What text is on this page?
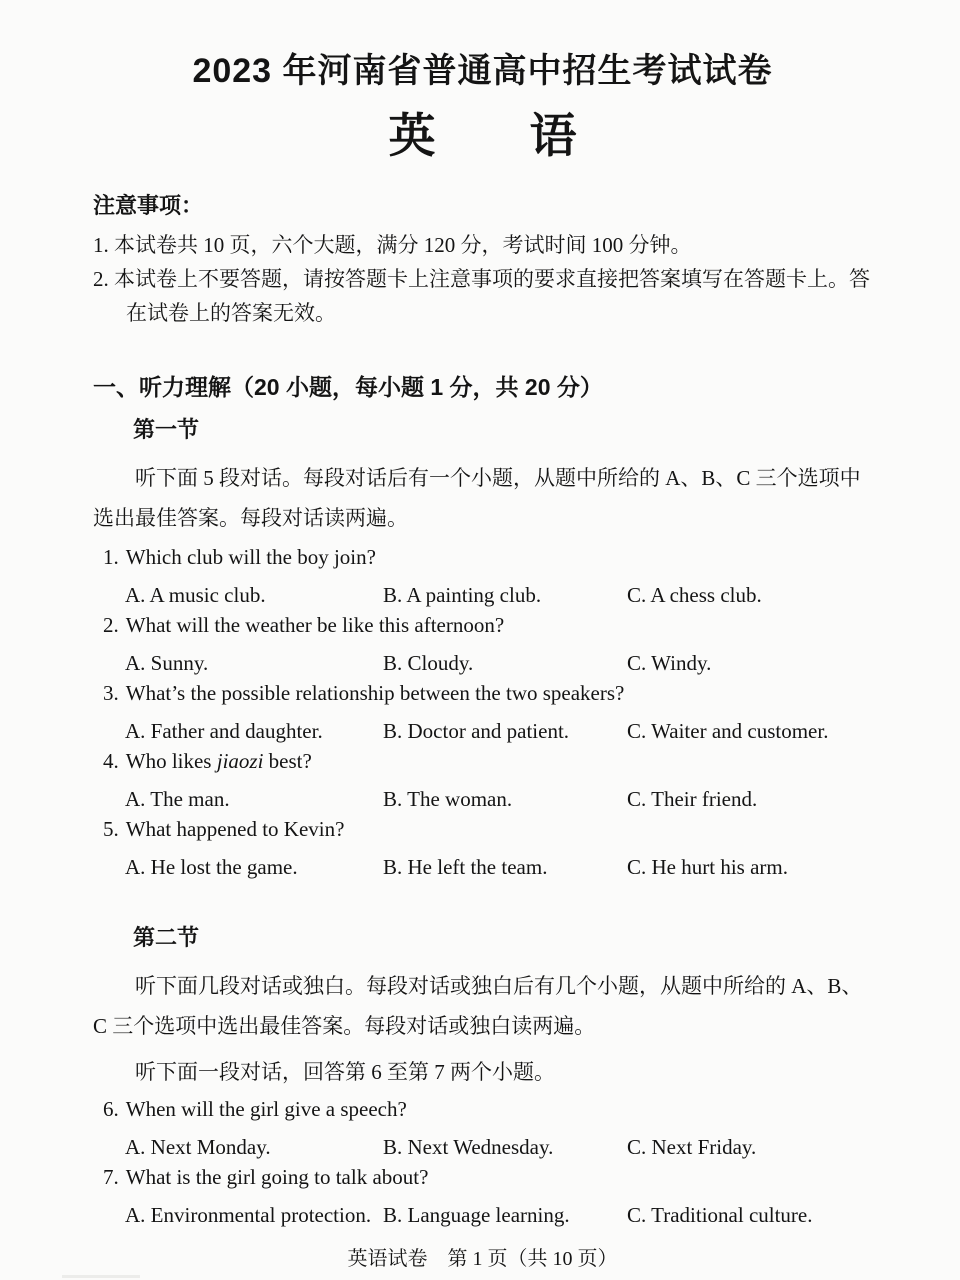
2023 年河南省普通高中招生考试试卷
英　　语
注意事项：

1. 本试卷共 10 页，六个大题，满分 120 分，考试时间 100 分钟。

2. 本试卷上不要答题，请按答题卡上注意事项的要求直接把答案填写在答题卡上。答在试卷上的答案无效。

一、听力理解（20 小题，每小题 1 分，共 20 分）
第一节

听下面 5 段对话。每段对话后有一个小题，从题中所给的 A、B、C 三个选项中选出最佳答案。每段对话读两遍。

1. Which club will the boy join?
A. A music club.	B. A painting club.	C. A chess club.
2. What will the weather be like this afternoon?
A. Sunny.	B. Cloudy.	C. Windy.
3. What’s the possible relationship between the two speakers?
A. Father and daughter.	B. Doctor and patient.	C. Waiter and customer.
4. Who likes jiaozi best?
A. The man.	B. The woman.	C. Their friend.
5. What happened to Kevin?
A. He lost the game.	B. He left the team.	C. He hurt his arm.
第二节

听下面几段对话或独白。每段对话或独白后有几个小题，从题中所给的 A、B、C 三个选项中选出最佳答案。每段对话或独白读两遍。

听下面一段对话，回答第 6 至第 7 两个小题。

6. When will the girl give a speech?
A. Next Monday.	B. Next Wednesday.	C. Next Friday.
7. What is the girl going to talk about?
A. Environmental protection. B. Language learning.	C. Traditional culture.
英语试卷　第 1 页（共 10 页）
